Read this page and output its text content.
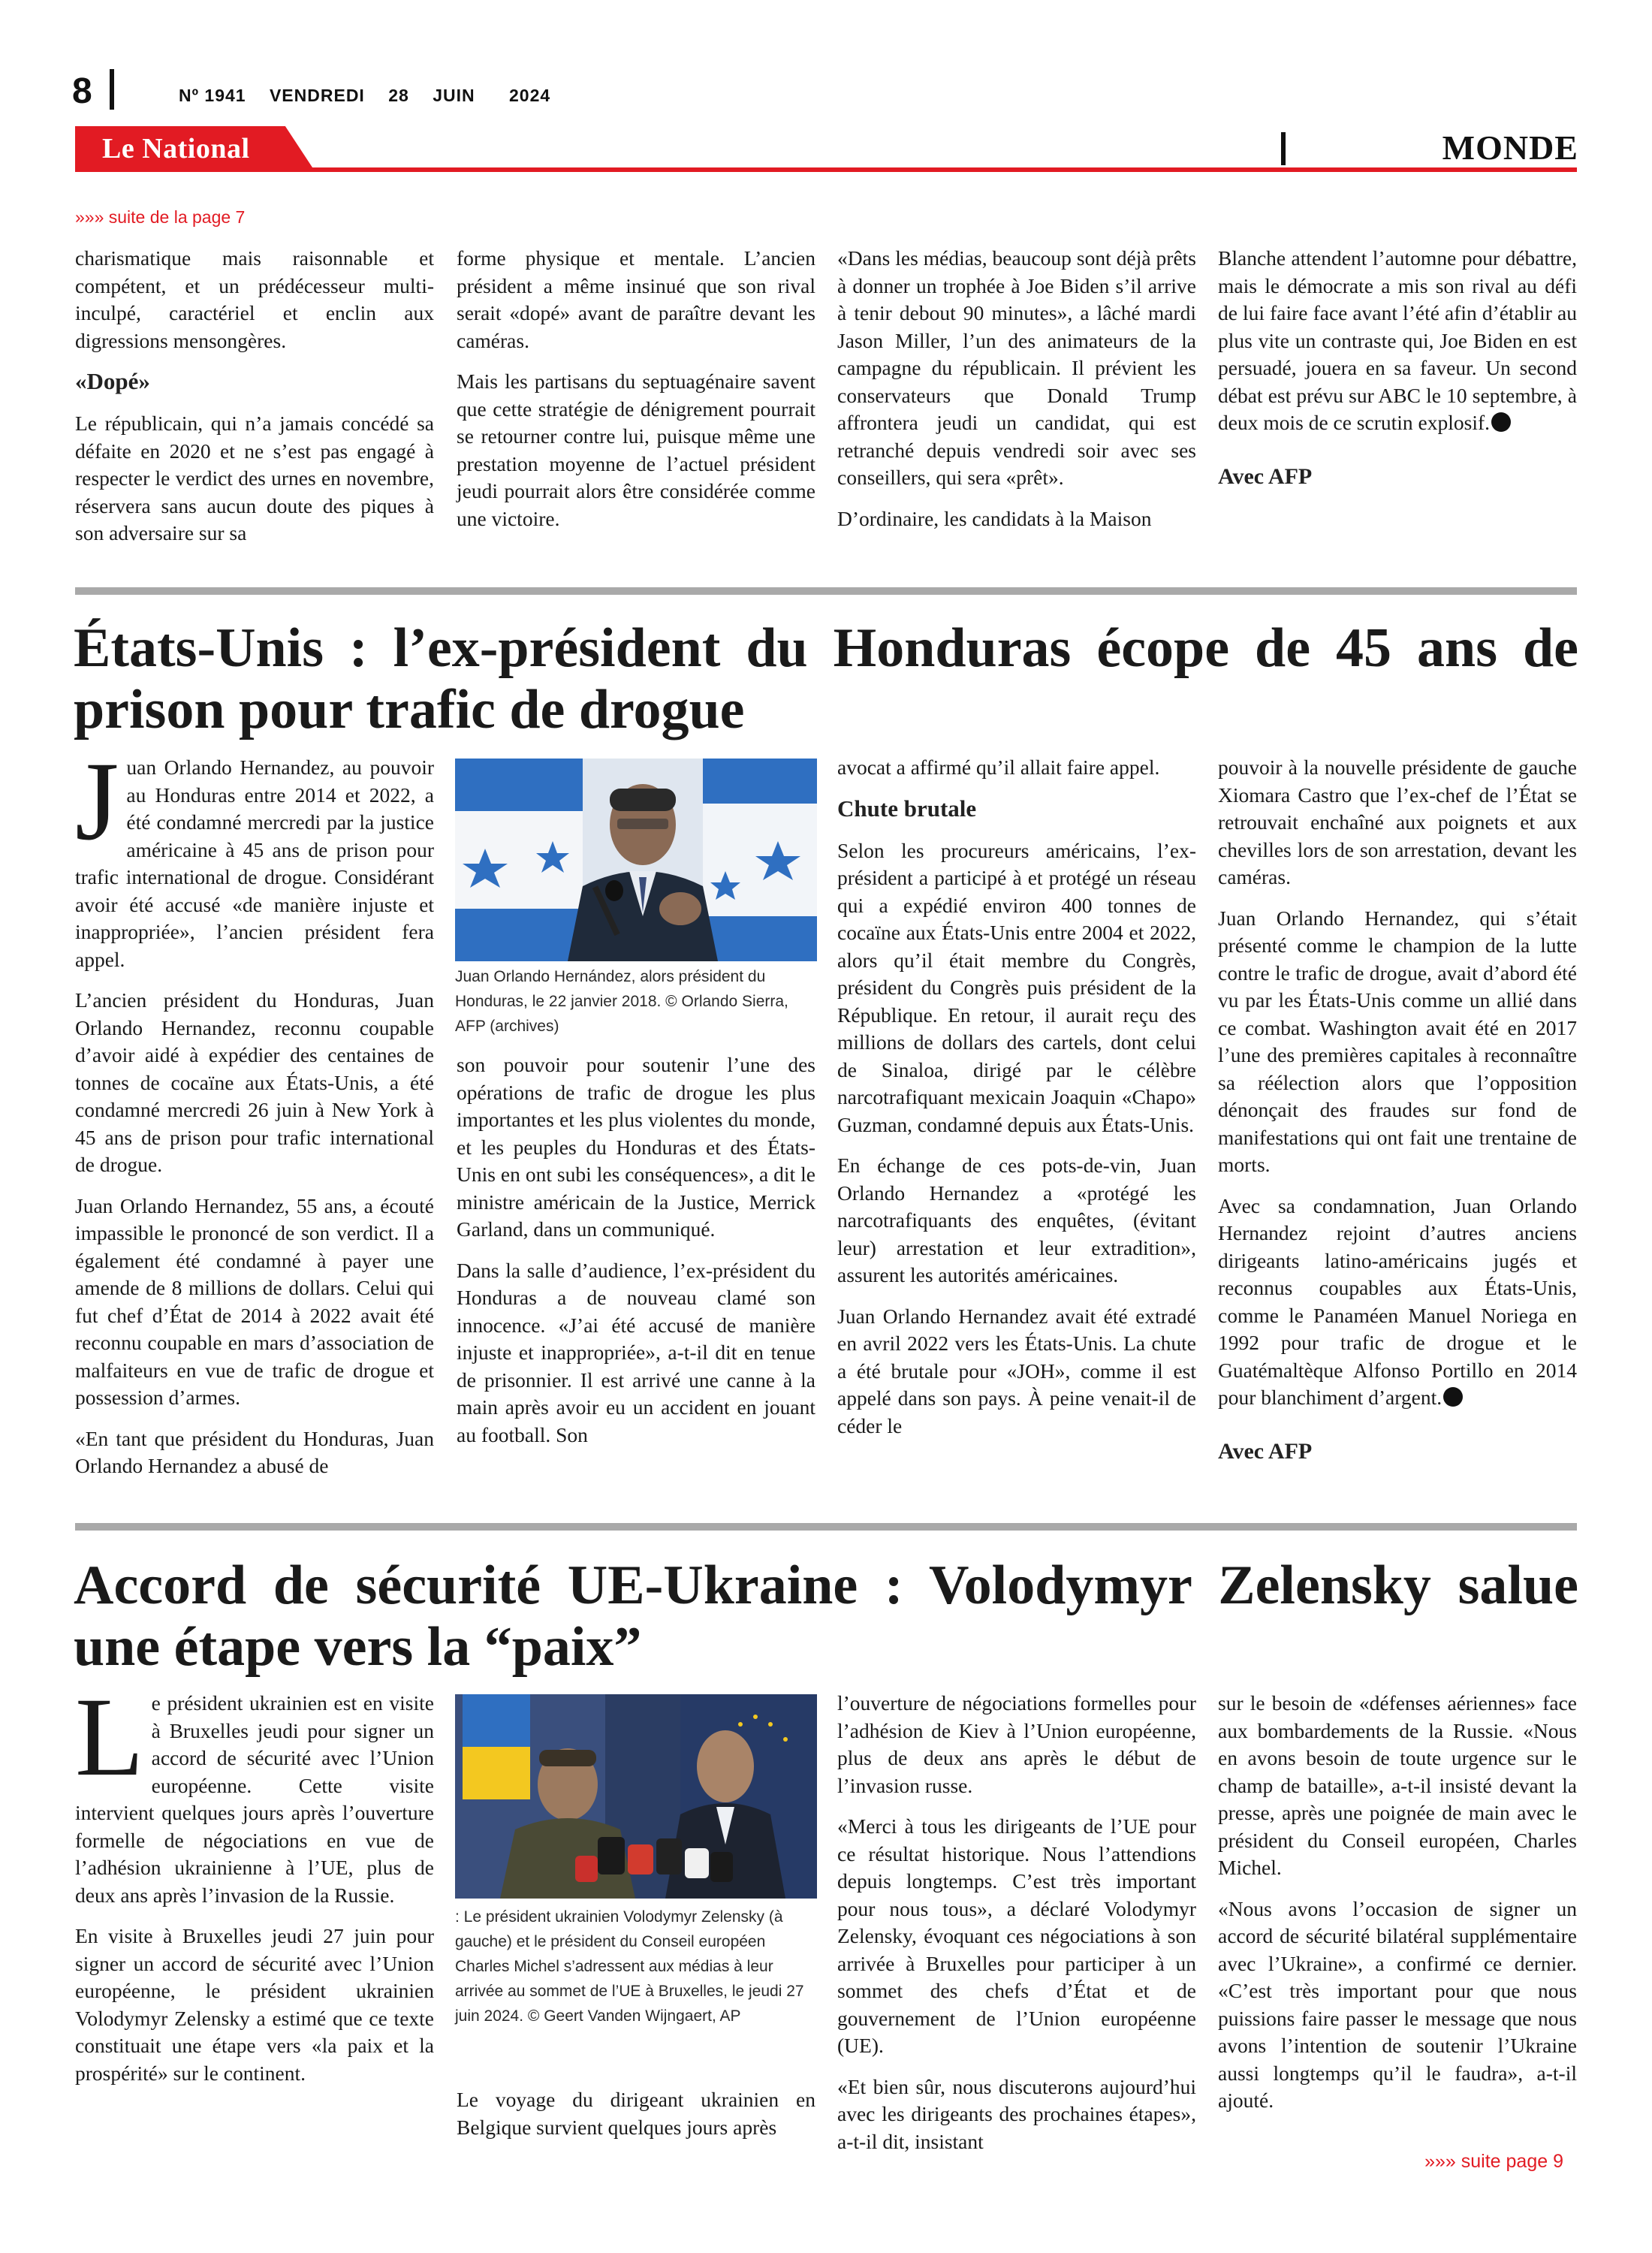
8	Nº 1941 VENDREDI 28 JUIN 2024
Le National	MONDE
»»» suite de la page 7

charismatique mais raisonnable et compétent, et un prédécesseur multi-inculpé, caractériel et enclin aux digressions mensongères.

«Dopé»

Le républicain, qui n’a jamais concédé sa défaite en 2020 et ne s’est pas engagé à respecter le verdict des urnes en novembre, réservera sans aucun doute des piques à son adversaire sur sa

forme physique et mentale. L’ancien président a même insinué que son rival serait «dopé» avant de paraître devant les caméras.

Mais les partisans du septuagénaire savent que cette stratégie de dénigrement pourrait se retourner contre lui, puisque même une prestation moyenne de l’actuel président jeudi pourrait alors être considérée comme une victoire.

«Dans les médias, beaucoup sont déjà prêts à donner un trophée à Joe Biden s’il arrive à tenir debout 90 minutes», a lâché mardi Jason Miller, l’un des animateurs de la campagne du républicain. Il prévient les conservateurs que Donald Trump affrontera jeudi un candidat, qui est retranché depuis vendredi soir avec ses conseillers, qui sera «prêt».

D’ordinaire, les candidats à la Maison

Blanche attendent l’automne pour débattre, mais le démocrate a mis son rival au défi de lui faire face avant l’été afin d’établir au plus vite un contraste qui, Joe Biden en est persuadé, jouera en sa faveur. Un second débat est prévu sur ABC le 10 septembre, à deux mois de ce scrutin explosif.

Avec AFP
États-Unis : l’ex-président du Honduras écope de 45 ans de prison pour trafic de drogue

Juan Orlando Hernandez, au pouvoir au Honduras entre 2014 et 2022, a été condamné mercredi par la justice américaine à 45 ans de prison pour trafic international de drogue. Considérant avoir été accusé «de manière injuste et inappropriée», l’ancien président fera appel.

L’ancien président du Honduras, Juan Orlando Hernandez, reconnu coupable d’avoir aidé à expédier des centaines de tonnes de cocaïne aux États-Unis, a été condamné mercredi 26 juin à New York à 45 ans de prison pour trafic international de drogue.

Juan Orlando Hernandez, 55 ans, a écouté impassible le prononcé de son verdict. Il a également été condamné à payer une amende de 8 millions de dollars. Celui qui fut chef d’État de 2014 à 2022 avait été reconnu coupable en mars d’association de malfaiteurs en vue de trafic de drogue et possession d’armes.

«En tant que président du Honduras, Juan Orlando Hernandez a abusé de

Juan Orlando Hernández, alors président du Honduras, le 22 janvier 2018. © Orlando Sierra, AFP (archives)

son pouvoir pour soutenir l’une des opérations de trafic de drogue les plus importantes et les plus violentes du monde, et les peuples du Honduras et des États-Unis en ont subi les conséquences», a dit le ministre américain de la Justice, Merrick Garland, dans un communiqué.

Dans la salle d’audience, l’ex-président du Honduras a de nouveau clamé son innocence. «J’ai été accusé de manière injuste et inappropriée», a-t-il dit en tenue de prisonnier. Il est arrivé une canne à la main après avoir eu un accident en jouant au football. Son

avocat a affirmé qu’il allait faire appel.

Chute brutale

Selon les procureurs américains, l’ex-président a participé à et protégé un réseau qui a expédié environ 400 tonnes de cocaïne aux États-Unis entre 2004 et 2022, alors qu’il était membre du Congrès, président du Congrès puis président de la République. En retour, il aurait reçu des millions de dollars des cartels, dont celui de Sinaloa, dirigé par le célèbre narcotrafiquant mexicain Joaquin «Chapo» Guzman, condamné depuis aux États-Unis.

En échange de ces pots-de-vin, Juan Orlando Hernandez a «protégé les narcotrafiquants des enquêtes, (évitant leur) arrestation et leur extradition», assurent les autorités américaines.

Juan Orlando Hernandez avait été extradé en avril 2022 vers les États-Unis. La chute a été brutale pour «JOH», comme il est appelé dans son pays. À peine venait-il de céder le

pouvoir à la nouvelle présidente de gauche Xiomara Castro que l’ex-chef de l’État se retrouvait enchaîné aux poignets et aux chevilles lors de son arrestation, devant les caméras.

Juan Orlando Hernandez, qui s’était présenté comme le champion de la lutte contre le trafic de drogue, avait d’abord été vu par les États-Unis comme un allié dans ce combat. Washington avait été en 2017 l’une des premières capitales à reconnaître sa réélection alors que l’opposition dénonçait des fraudes sur fond de manifestations qui ont fait une trentaine de morts.

Avec sa condamnation, Juan Orlando Hernandez rejoint d’autres anciens dirigeants latino-américains jugés et reconnus coupables aux États-Unis, comme le Panaméen Manuel Noriega en 1992 pour trafic de drogue et le Guatémaltèque Alfonso Portillo en 2014 pour blanchiment d’argent.

Avec AFP
Accord de sécurité UE-Ukraine : Volodymyr Zelensky salue une étape vers la “paix”

Le président ukrainien est en visite à Bruxelles jeudi pour signer un accord de sécurité avec l’Union européenne. Cette visite intervient quelques jours après l’ouverture formelle de négociations en vue de l’adhésion ukrainienne à l’UE, plus de deux ans après l’invasion de la Russie.

En visite à Bruxelles jeudi 27 juin pour signer un accord de sécurité avec l’Union européenne, le président ukrainien Volodymyr Zelensky a estimé que ce texte constituait une étape vers «la paix et la prospérité» sur le continent.

: Le président ukrainien Volodymyr Zelensky (à gauche) et le président du Conseil européen Charles Michel s’adressent aux médias à leur arrivée au sommet de l’UE à Bruxelles, le jeudi 27 juin 2024. © Geert Vanden Wijngaert, AP

Le voyage du dirigeant ukrainien en Belgique survient quelques jours après

l’ouverture de négociations formelles pour l’adhésion de Kiev à l’Union européenne, plus de deux ans après le début de l’invasion russe.

«Merci à tous les dirigeants de l’UE pour ce résultat historique. Nous l’attendions depuis longtemps. C’est très important pour nous tous», a déclaré Volodymyr Zelensky, évoquant ces négociations à son arrivée à Bruxelles pour participer à un sommet des chefs d’État et de gouvernement de l’Union européenne (UE).

«Et bien sûr, nous discuterons aujourd’hui avec les dirigeants des prochaines étapes», a-t-il dit, insistant

sur le besoin de «défenses aériennes» face aux bombardements de la Russie. «Nous en avons besoin de toute urgence sur le champ de bataille», a-t-il insisté devant la presse, après une poignée de main avec le président du Conseil européen, Charles Michel.

«Nous avons l’occasion de signer un accord de sécurité bilatéral supplémentaire avec l’Ukraine», a confirmé ce dernier. «C’est très important pour que nous puissions faire passer le message que nous avons l’intention de soutenir l’Ukraine aussi longtemps qu’il le faudra», a-t-il ajouté.

»»» suite page 9
